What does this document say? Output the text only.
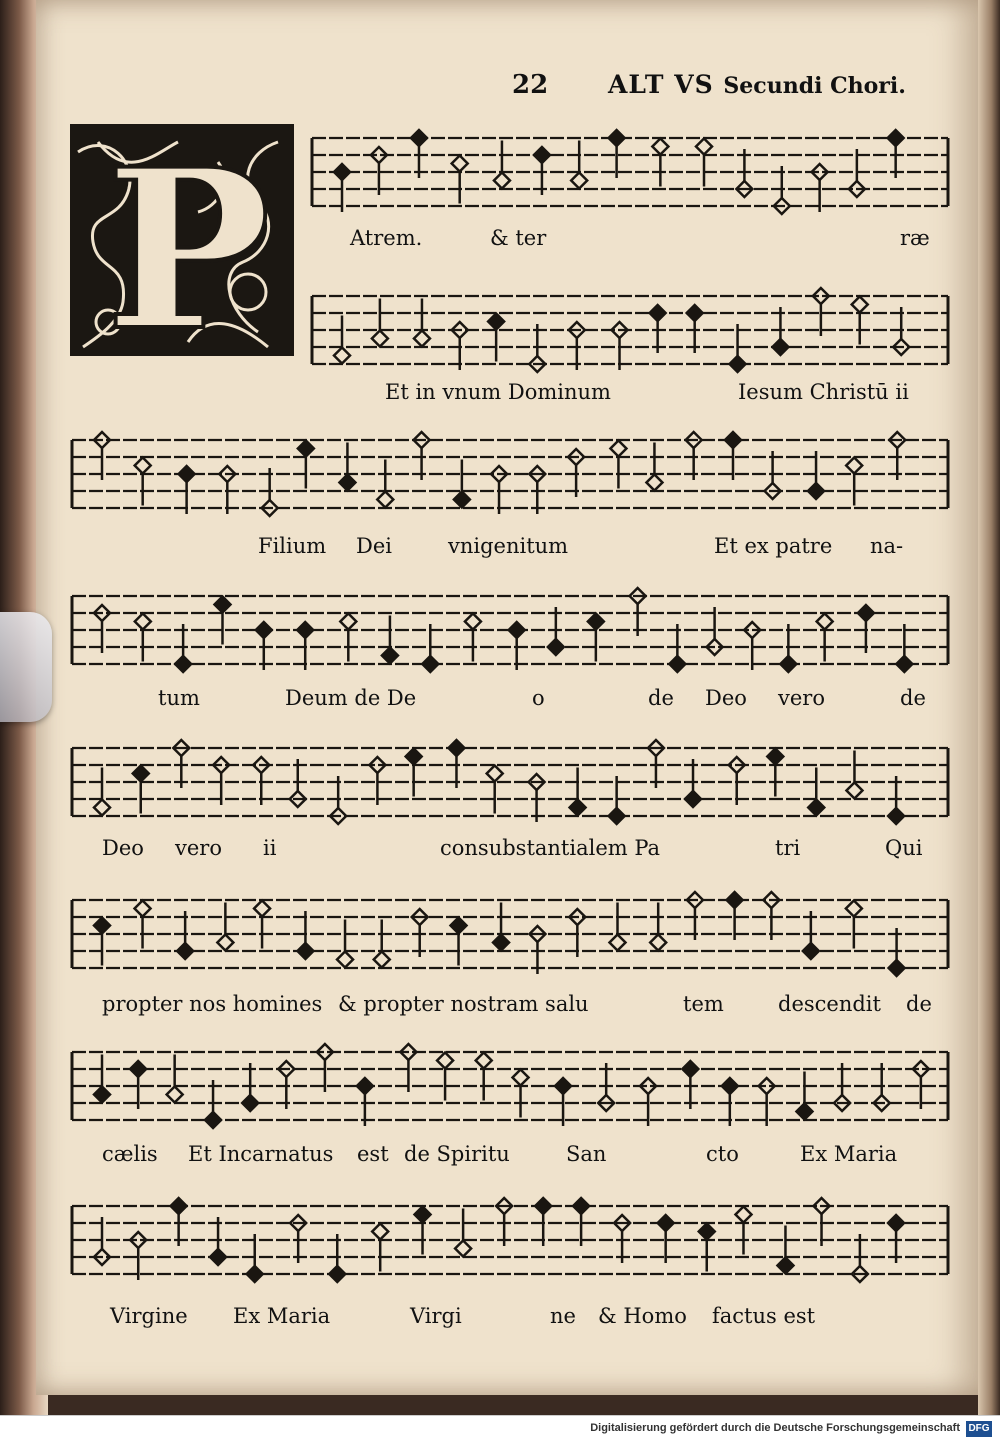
22 ALT VS Secundi Chori.
P	Atrem.	& ter	ræ
Et in vnum Dominum	Iesum Christū ii
Filium Dei	vnigenitum	Et ex patre na-
tum	Deum de De	o	de Deo vero	de
Deo vero ii	consubstantialem Pa	tri	Qui
propter nos homines & propter nostram salu	tem	descendit de
cælis Et Incarnatus est de Spiritu	San	cto	Ex Maria
Virgine Ex Maria	Virgi	ne & Homo factus est
Digitalisierung gefördert durch die Deutsche Forschungsgemeinschaft DFG
